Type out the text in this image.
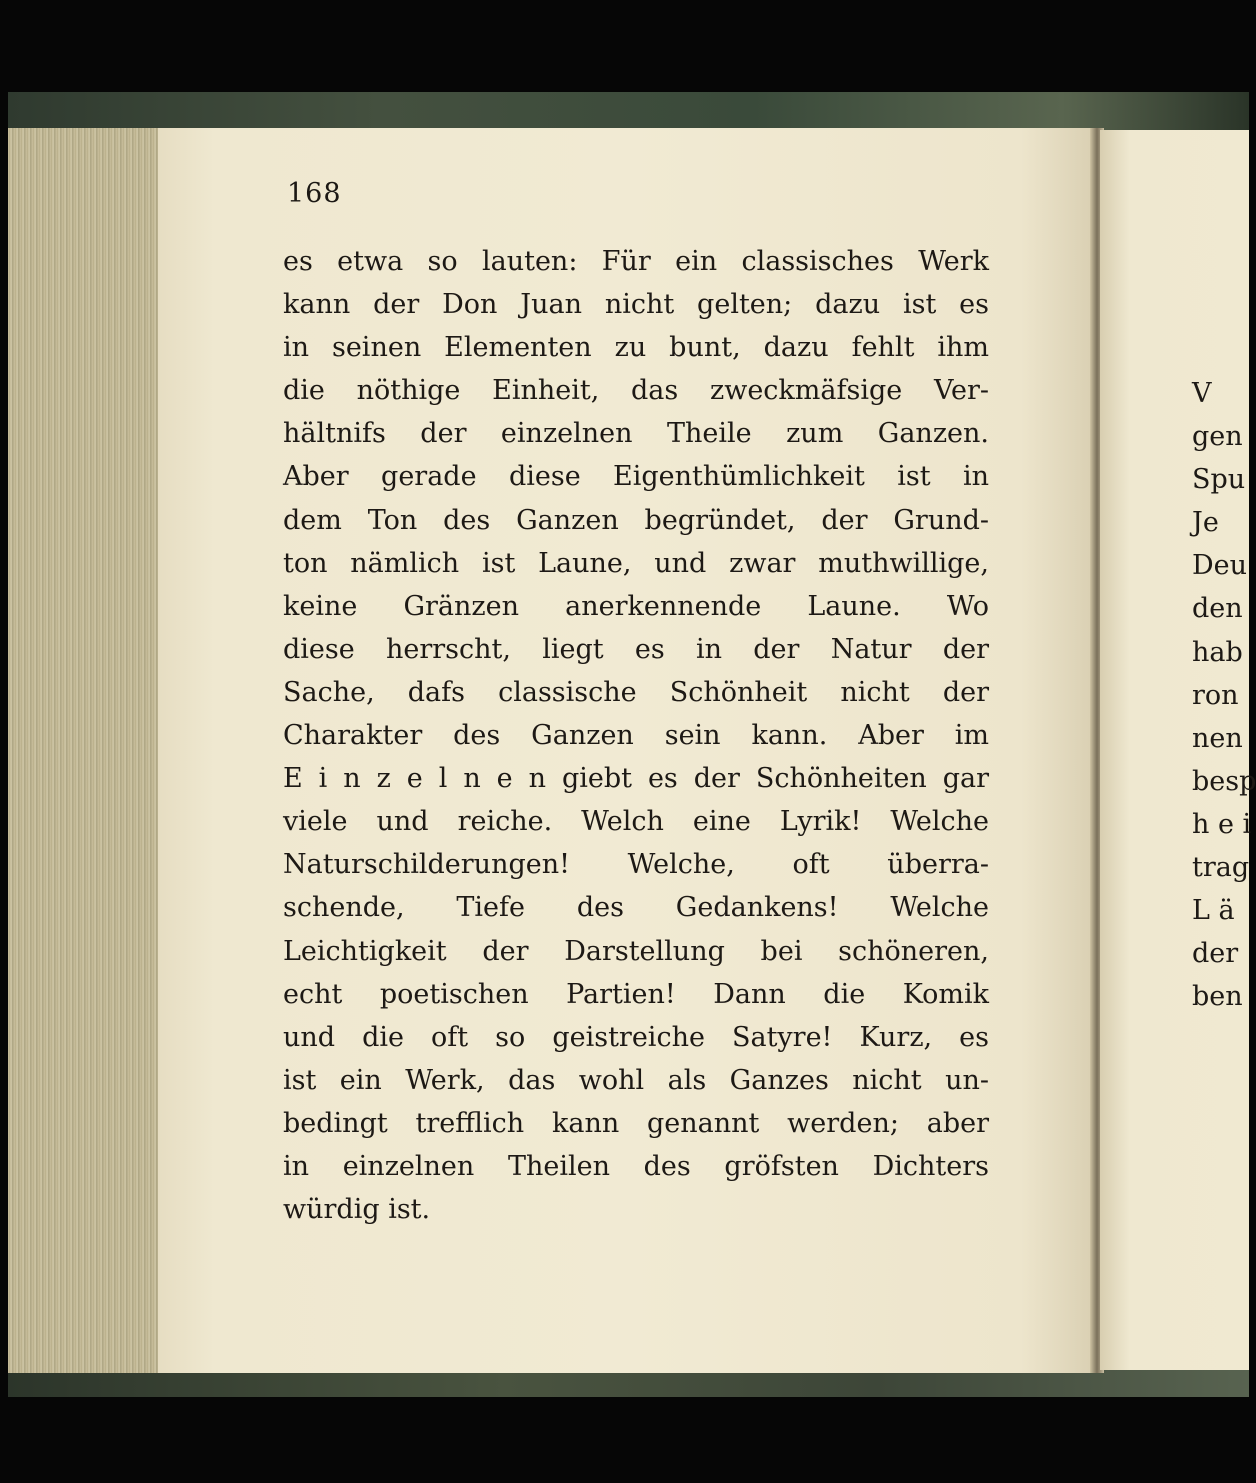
V
gen
Spu
Je
Deu
den
hab
ron
nen
besp
h e i
trag
L ä
der
ben
168
es etwa so lauten: Für ein classisches Werk
kann der Don Juan nicht gelten; dazu ist es
in seinen Elementen zu bunt, dazu fehlt ihm
die nöthige Einheit, das zweckmäfsige Ver-
hältnifs der einzelnen Theile zum Ganzen.
Aber gerade diese Eigenthümlichkeit ist in
dem Ton des Ganzen begründet, der Grund-
ton nämlich ist Laune, und zwar muthwillige,
keine Gränzen anerkennende Laune. Wo
diese herrscht, liegt es in der Natur der
Sache, dafs classische Schönheit nicht der
Charakter des Ganzen sein kann. Aber im
E i n z e l n e n giebt es der Schönheiten gar
viele und reiche. Welch eine Lyrik! Welche
Naturschilderungen! Welche, oft überra-
schende, Tiefe des Gedankens! Welche
Leichtigkeit der Darstellung bei schöneren,
echt poetischen Partien! Dann die Komik
und die oft so geistreiche Satyre! Kurz, es
ist ein Werk, das wohl als Ganzes nicht un-
bedingt trefflich kann genannt werden; aber
in einzelnen Theilen des gröfsten Dichters
würdig ist.
